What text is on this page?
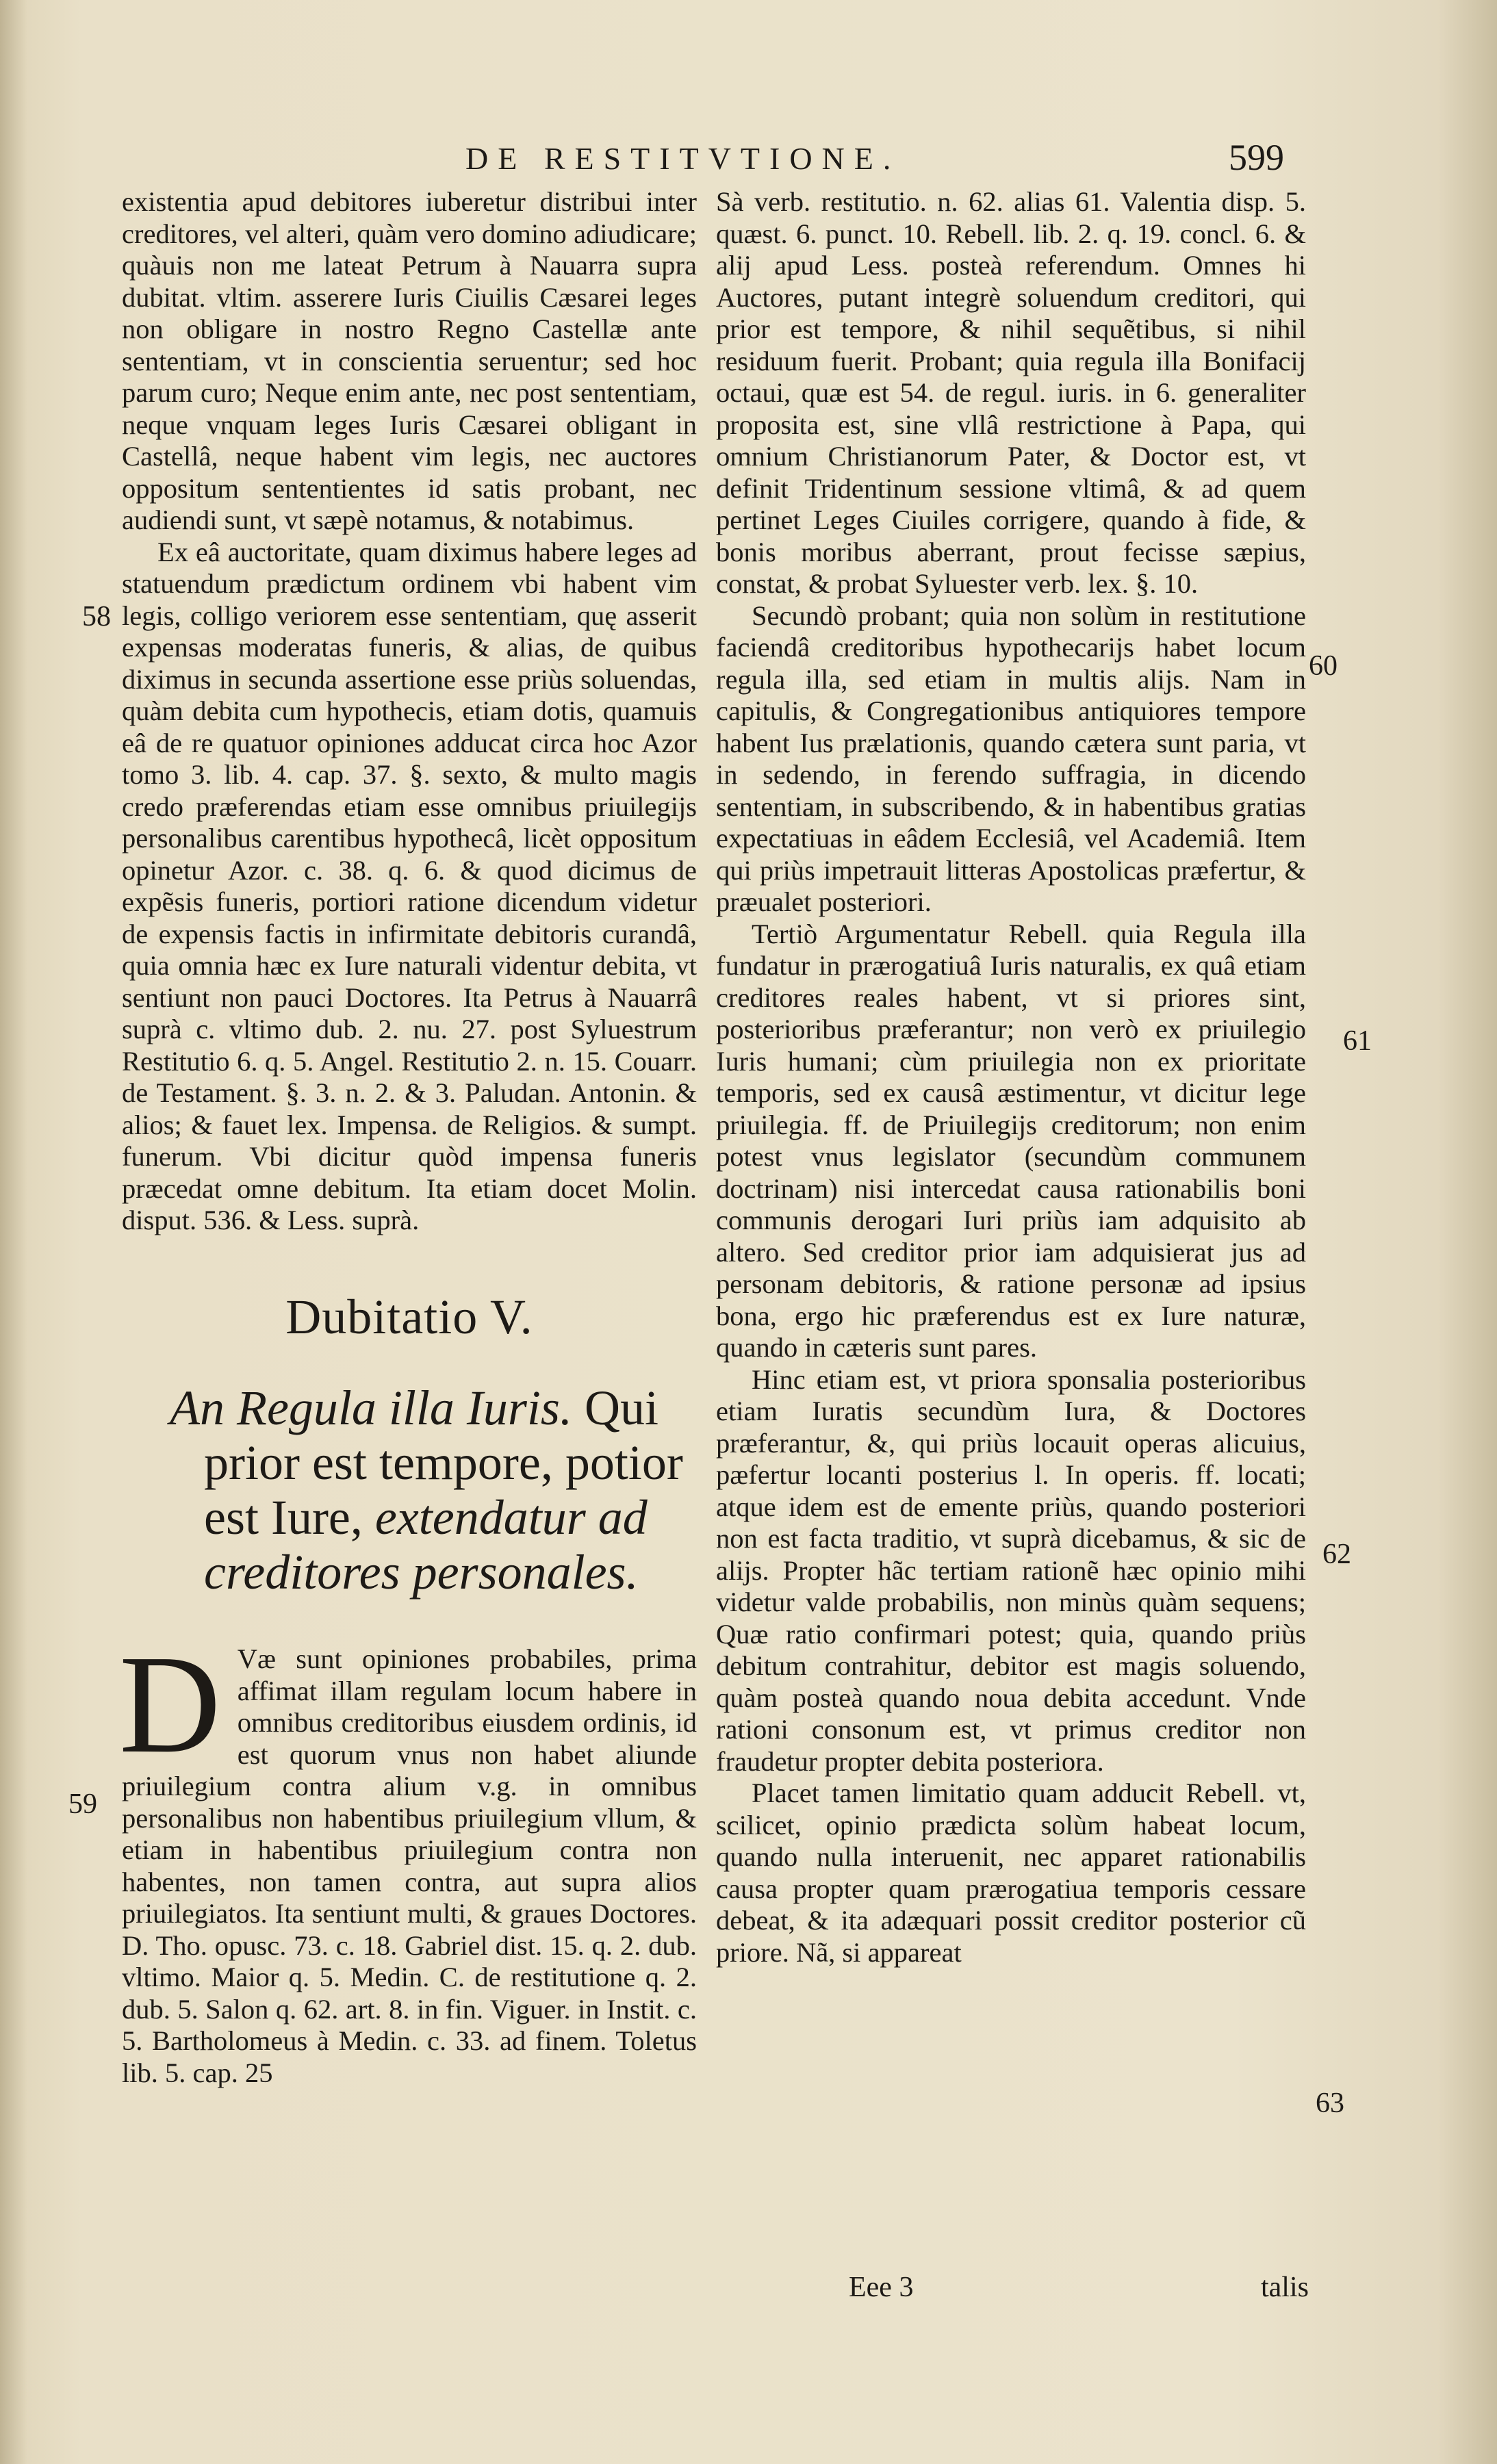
DE RESTITVTIONE.	599

existentia apud debitores iuberetur distribui inter creditores, vel alteri, quàm vero domino adiudicare; quàuis non me lateat Petrum à Nauarra supra dubitat. vltim. asserere Iuris Ciuilis Cæsarei leges non obligare in nostro Regno Castellæ ante sententiam, vt in conscientia seruentur; sed hoc parum curo; Neque enim ante, nec post sententiam, neque vnquam leges Iuris Cæsarei obligant in Castellâ, neque habent vim legis, nec auctores oppositum sententientes id satis probant, nec audiendi sunt, vt sæpè notamus, & notabimus.

Ex eâ auctoritate, quam diximus habere leges ad statuendum prædictum ordinem vbi habent vim legis, colligo veriorem esse sententiam, quę asserit expensas moderatas funeris, & alias, de quibus diximus in secunda assertione esse priùs soluendas, quàm debita cum hypothecis, etiam dotis, quamuis eâ de re quatuor opiniones adducat circa hoc Azor tomo 3. lib. 4. cap. 37. §. sexto, & multo magis credo præferendas etiam esse omnibus priuilegijs personalibus carentibus hypothecâ, licèt oppositum opinetur Azor. c. 38. q. 6. & quod dicimus de expẽsis funeris, portiori ratione dicendum videtur de expensis factis in infirmitate debitoris curandâ, quia omnia hæc ex Iure naturali videntur debita, vt sentiunt non pauci Doctores. Ita Petrus à Nauarrâ suprà c. vltimo dub. 2. nu. 27. post Syluestrum Restitutio 6. q. 5. Angel. Restitutio 2. n. 15. Couarr. de Testament. §. 3. n. 2. & 3. Paludan. Antonin. & alios; & fauet lex. Impensa. de Religios. & sumpt. funerum. Vbi dicitur quòd impensa funeris præcedat omne debitum. Ita etiam docet Molin. disput. 536. & Less. suprà.

Dubitatio V.
An Regula illa Iuris. Qui prior est tempore, potior est Iure, extendatur ad creditores personales.
D Væ sunt opiniones probabiles, prima affimat illam regulam locum habere in omnibus creditoribus eiusdem ordinis, id est quorum vnus non habet aliunde priuilegium contra alium v.g. in omnibus personalibus non habentibus priuilegium vllum, & etiam in habentibus priuilegium contra non habentes, non tamen contra, aut supra alios priuilegiatos. Ita sentiunt multi, & graues Doctores. D. Tho. opusc. 73. c. 18. Gabriel dist. 15. q. 2. dub. vltimo. Maior q. 5. Medin. C. de restitutione q. 2. dub. 5. Salon q. 62. art. 8. in fin. Viguer. in Instit. c. 5. Bartholomeus à Medin. c. 33. ad finem. Toletus lib. 5. cap. 25

Sà verb. restitutio. n. 62. alias 61. Valentia disp. 5. quæst. 6. punct. 10. Rebell. lib. 2. q. 19. concl. 6. & alij apud Less. posteà referendum. Omnes hi Auctores, putant integrè soluendum creditori, qui prior est tempore, & nihil sequẽtibus, si nihil residuum fuerit. Probant; quia regula illa Bonifacij octaui, quæ est 54. de regul. iuris. in 6. generaliter proposita est, sine vllâ restrictione à Papa, qui omnium Christianorum Pater, & Doctor est, vt definit Tridentinum sessione vltimâ, & ad quem pertinet Leges Ciuiles corrigere, quando à fide, & bonis moribus aberrant, prout fecisse sæpius, constat, & probat Syluester verb. lex. §. 10.

Secundò probant; quia non solùm in restitutione faciendâ creditoribus hypothecarijs habet locum regula illa, sed etiam in multis alijs. Nam in capitulis, & Congregationibus antiquiores tempore habent Ius prælationis, quando cætera sunt paria, vt in sedendo, in ferendo suffragia, in dicendo sententiam, in subscribendo, & in habentibus gratias expectatiuas in eâdem Ecclesiâ, vel Academiâ. Item qui priùs impetrauit litteras Apostolicas præfertur, & præualet posteriori.

Tertiò Argumentatur Rebell. quia Regula illa fundatur in prærogatiuâ Iuris naturalis, ex quâ etiam creditores reales habent, vt si priores sint, posterioribus præferantur; non verò ex priuilegio Iuris humani; cùm priuilegia non ex prioritate temporis, sed ex causâ æstimentur, vt dicitur lege priuilegia. ff. de Priuilegijs creditorum; non enim potest vnus legislator (secundùm communem doctrinam) nisi intercedat causa rationabilis boni communis derogari Iuri priùs iam adquisito ab altero. Sed creditor prior iam adquisierat jus ad personam debitoris, & ratione personæ ad ipsius bona, ergo hic præferendus est ex Iure naturæ, quando in cæteris sunt pares.

Hinc etiam est, vt priora sponsalia posterioribus etiam Iuratis secundùm Iura, & Doctores præferantur, &, qui priùs locauit operas alicuius, pæfertur locanti posterius l. In operis. ff. locati; atque idem est de emente priùs, quando posteriori non est facta traditio, vt suprà dicebamus, & sic de alijs. Propter hãc tertiam rationẽ hæc opinio mihi videtur valde probabilis, non minùs quàm sequens; Quæ ratio confirmari potest; quia, quando priùs debitum contrahitur, debitor est magis soluendo, quàm posteà quando noua debita accedunt. Vnde rationi consonum est, vt primus creditor non fraudetur propter debita posteriora.

Placet tamen limitatio quam adducit Rebell. vt, scilicet, opinio prædicta solùm habeat locum, quando nulla interuenit, nec apparet rationabilis causa propter quam prærogatiua temporis cessare debeat, & ita adæquari possit creditor posterior cũ priore. Nã, si appareat

58
59
60
61
62
63
Eee 3	talis
